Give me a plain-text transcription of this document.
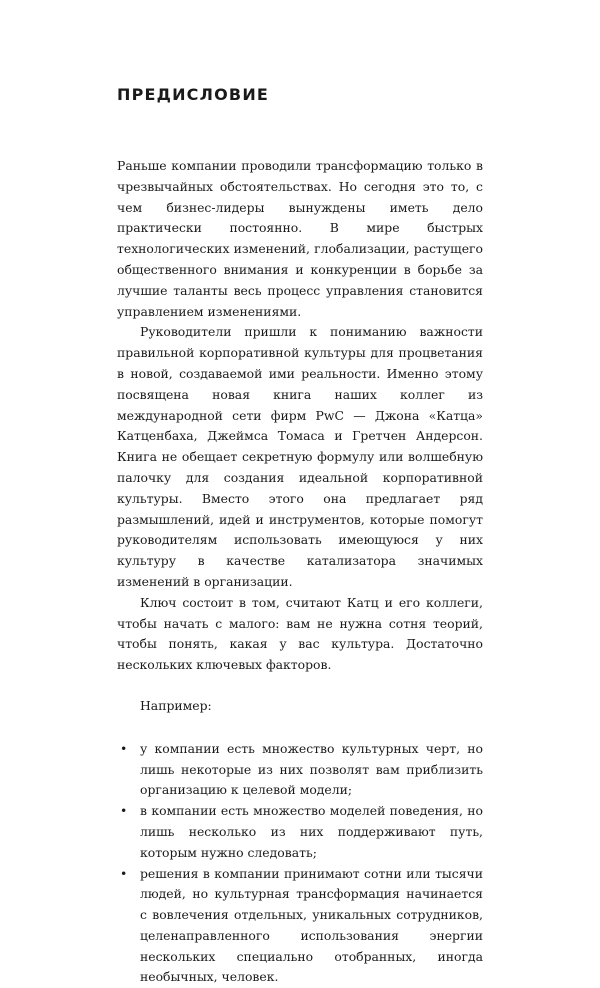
ПРЕДИСЛОВИЕ

Раньше компании проводили трансформацию только в чрезвычайных обстоятельствах. Но сегодня это то, с чем бизнес-лидеры вынуждены иметь дело практически постоянно. В мире быстрых технологических изменений, глобализации, растущего общественного внимания и конкуренции в борьбе за лучшие таланты весь процесс управления становится управлением изменениями.

Руководители пришли к пониманию важности правильной корпоративной культуры для процветания в новой, создаваемой ими реальности. Именно этому посвящена новая книга наших коллег из международной сети фирм PwC — Джона «Катца» Катценбаха, Джеймса Томаса и Гретчен Андерсон. Книга не обещает секретную формулу или волшебную палочку для создания идеальной корпоративной культуры. Вместо этого она предлагает ряд размышлений, идей и инструментов, которые помогут руководителям использовать имеющуюся у них культуру в качестве катализатора значимых изменений в организации.

Ключ состоит в том, считают Катц и его коллеги, чтобы начать с малого: вам не нужна сотня теорий, чтобы понять, какая у вас культура. Достаточно нескольких ключевых факторов.

Например:

• у компании есть множество культурных черт, но лишь некоторые из них позволят вам приблизить организацию к целевой модели;
• в компании есть множество моделей поведения, но лишь несколько из них поддерживают путь, которым нужно следовать;
• решения в компании принимают сотни или тысячи людей, но культурная трансформация начинается с вовлечения отдельных, уникальных сотрудников, целенаправленного использования энергии нескольких специально отобранных, иногда необычных, человек.
